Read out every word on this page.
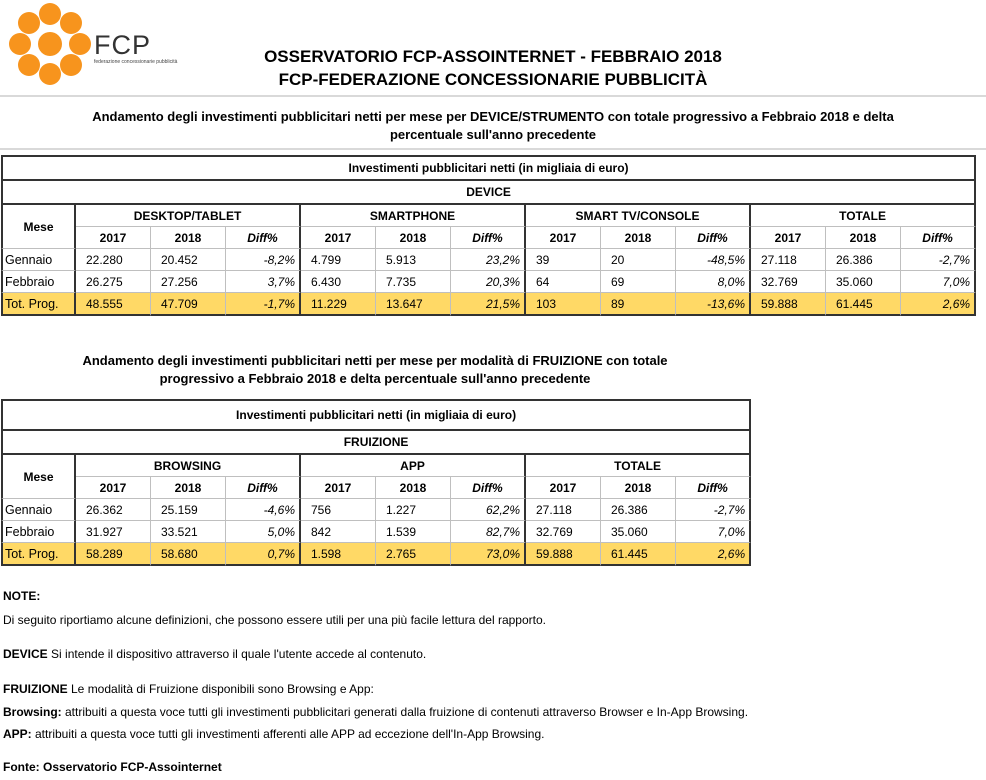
FCP
federazione concessionarie pubblicità	OSSERVATORIO FCP-ASSOINTERNET - FEBBRAIO 2018
FCP-FEDERAZIONE CONCESSIONARIE PUBBLICITÀ
Andamento degli investimenti pubblicitari netti per mese per DEVICE/STRUMENTO con totale progressivo a Febbraio 2018 e delta
percentuale sull'anno precedente
Investimenti pubblicitari netti (in migliaia di euro)												
DEVICE												
Mese	DESKTOP/TABLET			SMARTPHONE			SMART TV/CONSOLE			TOTALE		
	2017	2018	Diff%	2017	2018	Diff%	2017	2018	Diff%	2017	2018	Diff%
Gennaio	22.280	20.452	-8,2%	4.799	5.913	23,2%	39	20	-48,5%	27.118	26.386	-2,7%
Febbraio	26.275	27.256	3,7%	6.430	7.735	20,3%	64	69	8,0%	32.769	35.060	7,0%
Tot. Prog.	48.555	47.709	-1,7%	11.229	13.647	21,5%	103	89	-13,6%	59.888	61.445	2,6%
Andamento degli investimenti pubblicitari netti per mese per modalità di FRUIZIONE con totale
progressivo a Febbraio 2018 e delta percentuale sull'anno precedente
Investimenti pubblicitari netti (in migliaia di euro)									
FRUIZIONE									
Mese	BROWSING			APP			TOTALE		
	2017	2018	Diff%	2017	2018	Diff%	2017	2018	Diff%
Gennaio	26.362	25.159	-4,6%	756	1.227	62,2%	27.118	26.386	-2,7%
Febbraio	31.927	33.521	5,0%	842	1.539	82,7%	32.769	35.060	7,0%
Tot. Prog.	58.289	58.680	0,7%	1.598	2.765	73,0%	59.888	61.445	2,6%
NOTE:
Di seguito riportiamo alcune definizioni, che possono essere utili per una più facile lettura del rapporto.
DEVICE Si intende il dispositivo attraverso il quale l'utente accede al contenuto.
FRUIZIONE Le modalità di Fruizione disponibili sono Browsing e App:
Browsing: attribuiti a questa voce tutti gli investimenti pubblicitari generati dalla fruizione di contenuti attraverso Browser e In-App Browsing.
APP: attribuiti a questa voce tutti gli investimenti afferenti alle APP ad eccezione dell'In-App Browsing.
Fonte: Osservatorio FCP-Assointernet
